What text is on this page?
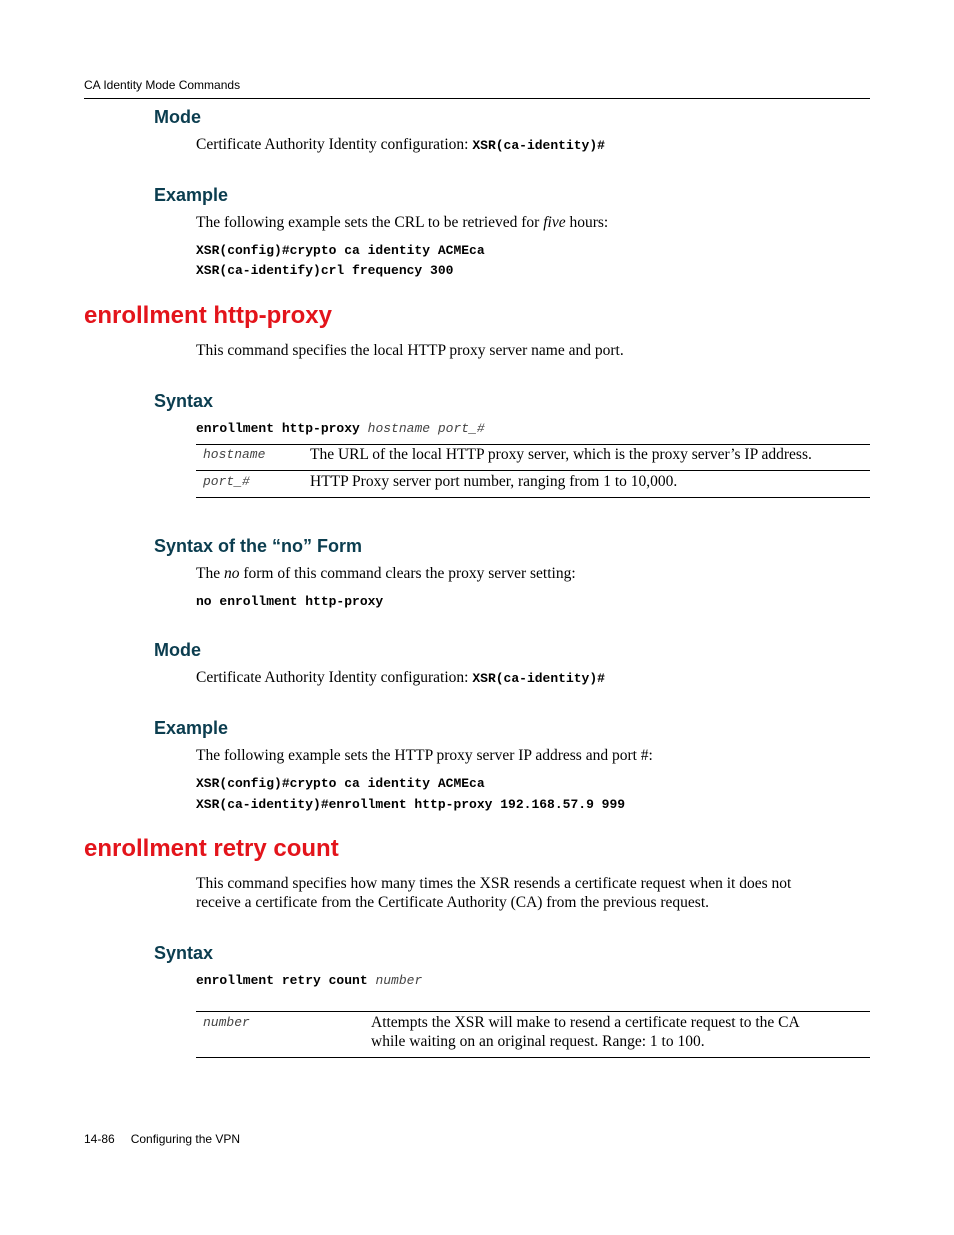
CA Identity Mode Commands
Mode
Certificate Authority Identity configuration: XSR(ca-identity)#
Example
The following example sets the CRL to be retrieved for five hours:
XSR(config)#crypto ca identity ACMEca
XSR(ca-identify)crl frequency 300
enrollment http-proxy
This command specifies the local HTTP proxy server name and port.
Syntax
enrollment http-proxy hostname port_#
hostname	The URL of the local HTTP proxy server, which is the proxy server’s IP address.
port_#	HTTP Proxy server port number, ranging from 1 to 10,000.
Syntax of the “no” Form
The no form of this command clears the proxy server setting:
no enrollment http-proxy
Mode
Certificate Authority Identity configuration: XSR(ca-identity)#
Example
The following example sets the HTTP proxy server IP address and port #:
XSR(config)#crypto ca identity ACMEca
XSR(ca-identity)#enrollment http-proxy 192.168.57.9 999
enrollment retry count
This command specifies how many times the XSR resends a certificate request when it does not
receive a certificate from the Certificate Authority (CA) from the previous request.
Syntax
enrollment retry count number
number	Attempts the XSR will make to resend a certificate request to the CA
while waiting on an original request. Range: 1 to 100.
14-86 Configuring the VPN
